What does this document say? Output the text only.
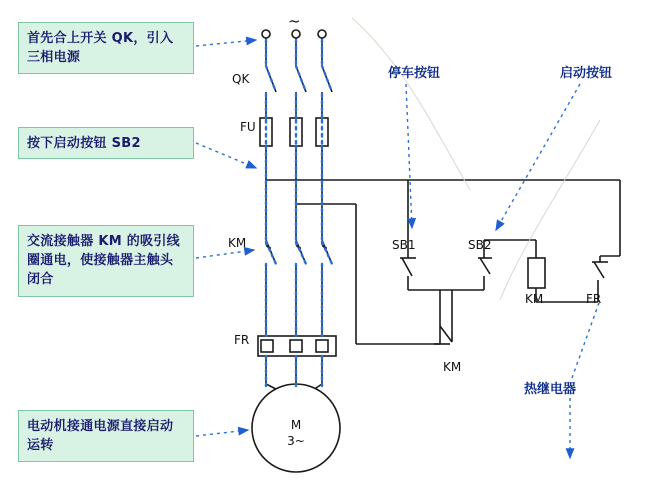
首先合上开关 QK，引入三相电源
按下启动按钮 SB2
交流接触器 KM 的吸引线圈通电，使接触器主触头闭合
电动机接通电源直接启动运转
QK
FU
KM
FR
~
SB1	SB2
KM	FR
KM
停车按钮	启动按钮
热继电器
M
3~
